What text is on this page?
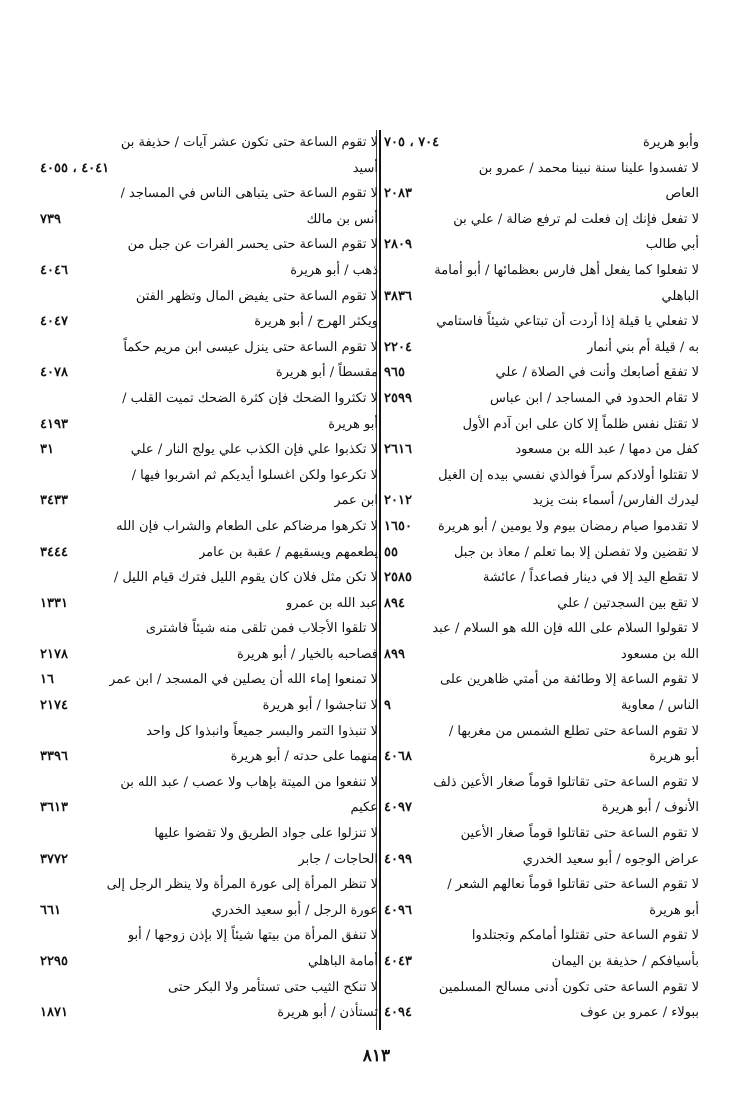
وأبو هريرة
٧٠٤ ، ٧٠٥
لا تفسدوا علينا سنة نبينا محمد / عمرو بن
العاص
٢٠٨٣
لا تفعل فإنك إن فعلت لم ترفع ضالة / علي بن
أبي طالب
٢٨٠٩
لا تفعلوا كما يفعل أهل فارس بعظمائها / أبو أمامة
الباهلي
٣٨٣٦
لا تفعلي يا قيلة إذا أردت أن تبتاعي شيئاً فاستامي
به / قيلة أم بني أنمار
٢٢٠٤
لا تفقع أصابعك وأنت في الصلاة / علي
٩٦٥
لا تقام الحدود في المساجد / ابن عباس
٢٥٩٩
لا تقتل نفس ظلماً إلا كان على ابن آدم الأول
كفل من دمها / عبد الله بن مسعود
٢٦١٦
لا تقتلوا أولادكم سراً فوالذي نفسي بيده إن الغيل
ليدرك الفارس/ أسماء بنت يزيد
٢٠١٢
لا تقدموا صيام رمضان بيوم ولا يومين / أبو هريرة
١٦٥٠
لا تقضين ولا تفصلن إلا بما تعلم / معاذ بن جبل
٥٥
لا تقطع اليد إلا في دينار فصاعداً / عائشة
٢٥٨٥
لا تقع بين السجدتين / علي
٨٩٤
لا تقولوا السلام على الله فإن الله هو السلام / عبد
الله بن مسعود
٨٩٩
لا تقوم الساعة إلا وطائفة من أمتي ظاهرين على
الناس / معاوية
٩
لا تقوم الساعة حتى تطلع الشمس من مغربها /
أبو هريرة
٤٠٦٨
لا تقوم الساعة حتى تقاتلوا قوماً صغار الأعين ذلف
الأنوف / أبو هريرة
٤٠٩٧
لا تقوم الساعة حتى تقاتلوا قوماً صغار الأعين
عراض الوجوه / أبو سعيد الخدري
٤٠٩٩
لا تقوم الساعة حتى تقاتلوا قوماً نعالهم الشعر /
أبو هريرة
٤٠٩٦
لا تقوم الساعة حتى تقتلوا أمامكم وتجتلدوا
بأسيافكم / حذيفة بن اليمان
٤٠٤٣
لا تقوم الساعة حتى تكون أدنى مسالح المسلمين
ببولاء / عمرو بن عوف
٤٠٩٤
لا تقوم الساعة حتى تكون عشر آيات / حذيفة بن
أسيد
٤٠٤١ ، ٤٠٥٥
لا تقوم الساعة حتى يتباهى الناس في المساجد /
أنس بن مالك
٧٣٩
لا تقوم الساعة حتى يحسر الفرات عن جبل من
ذهب / أبو هريرة
٤٠٤٦
لا تقوم الساعة حتى يفيض المال وتظهر الفتن
ويكثر الهرج / أبو هريرة
٤٠٤٧
لا تقوم الساعة حتى ينزل عيسى ابن مريم حكماً
مقسطاً / أبو هريرة
٤٠٧٨
لا تكثروا الضحك فإن كثرة الضحك تميت القلب /
أبو هريرة
٤١٩٣
لا تكذبوا علي فإن الكذب علي يولج النار / علي
٣١
لا تكرعوا ولكن اغسلوا أيديكم ثم اشربوا فيها /
ابن عمر
٣٤٣٣
لا تكرهوا مرضاكم على الطعام والشراب فإن الله
يطعمهم ويسقيهم / عقبة بن عامر
٣٤٤٤
لا تكن مثل فلان كان يقوم الليل فترك قيام الليل /
عبد الله بن عمرو
١٣٣١
لا تلقوا الأجلاب فمن تلقى منه شيئاً فاشترى
فصاحبه بالخيار / أبو هريرة
٢١٧٨
لا تمنعوا إماء الله أن يصلين في المسجد / ابن عمر
١٦
لا تناجشوا / أبو هريرة
٢١٧٤
لا تنبذوا التمر والبسر جميعاً وانبذوا كل واحد
منهما على حدته / أبو هريرة
٣٣٩٦
لا تنفعوا من الميتة بإهاب ولا عصب / عبد الله بن
عكيم
٣٦١٣
لا تنزلوا على جواد الطريق ولا تقضوا عليها
الحاجات / جابر
٣٧٧٢
لا تنظر المرأة إلى عورة المرأة ولا ينظر الرجل إلى
عورة الرجل / أبو سعيد الخدري
٦٦١
لا تنفق المرأة من بيتها شيئاً إلا بإذن زوجها / أبو
أمامة الباهلي
٢٢٩٥
لا تنكح الثيب حتى تستأمر ولا البكر حتى
تستأذن / أبو هريرة
١٨٧١
٨١٣
